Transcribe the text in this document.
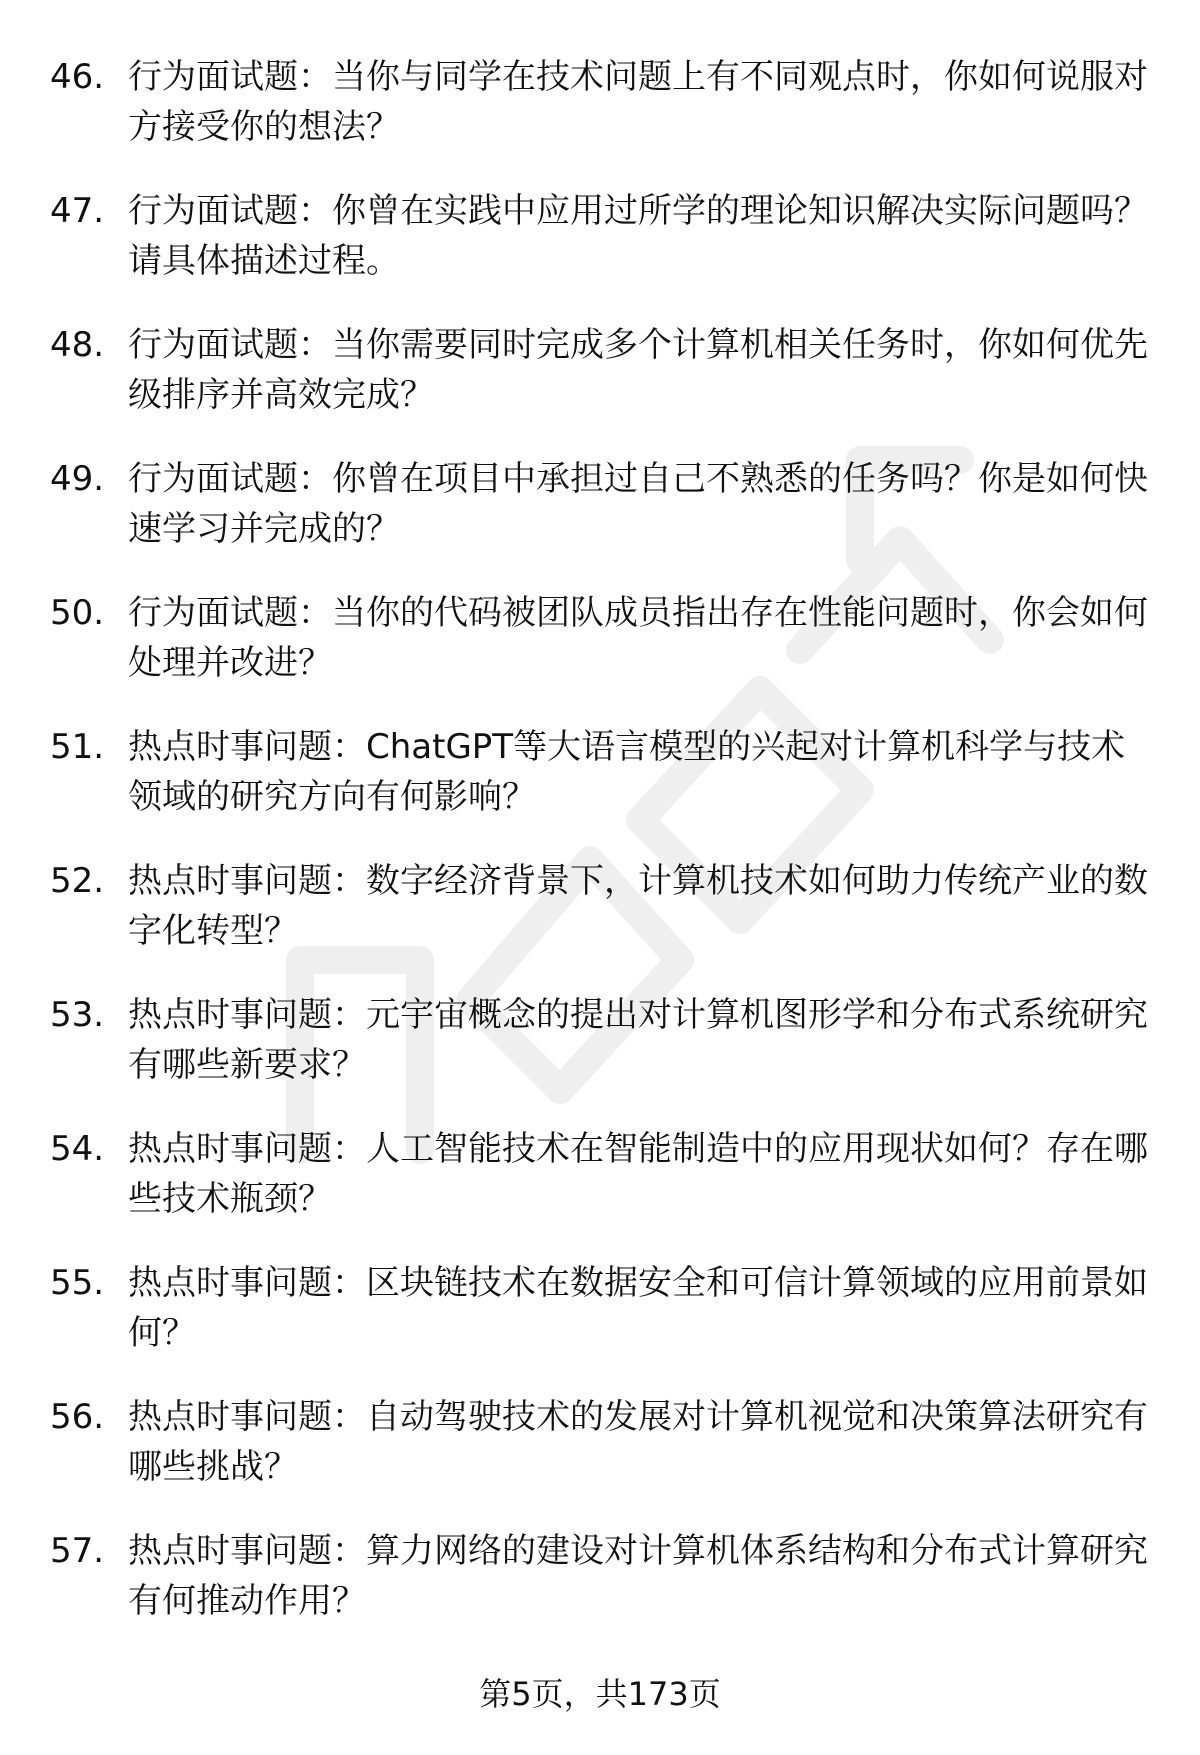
46. 行为面试题：当你与同学在技术问题上有不同观点时，你如何说服对方接受你的想法？
47. 行为面试题：你曾在实践中应用过所学的理论知识解决实际问题吗？请具体描述过程。
48. 行为面试题：当你需要同时完成多个计算机相关任务时，你如何优先级排序并高效完成？
49. 行为面试题：你曾在项目中承担过自己不熟悉的任务吗？你是如何快速学习并完成的？
50. 行为面试题：当你的代码被团队成员指出存在性能问题时，你会如何处理并改进？
51. 热点时事问题：ChatGPT等大语言模型的兴起对计算机科学与技术领域的研究方向有何影响？
52. 热点时事问题：数字经济背景下，计算机技术如何助力传统产业的数字化转型？
53. 热点时事问题：元宇宙概念的提出对计算机图形学和分布式系统研究有哪些新要求？
54. 热点时事问题：人工智能技术在智能制造中的应用现状如何？存在哪些技术瓶颈？
55. 热点时事问题：区块链技术在数据安全和可信计算领域的应用前景如何？
56. 热点时事问题：自动驾驶技术的发展对计算机视觉和决策算法研究有哪些挑战？
57. 热点时事问题：算力网络的建设对计算机体系结构和分布式计算研究有何推动作用？
第5页，共173页
